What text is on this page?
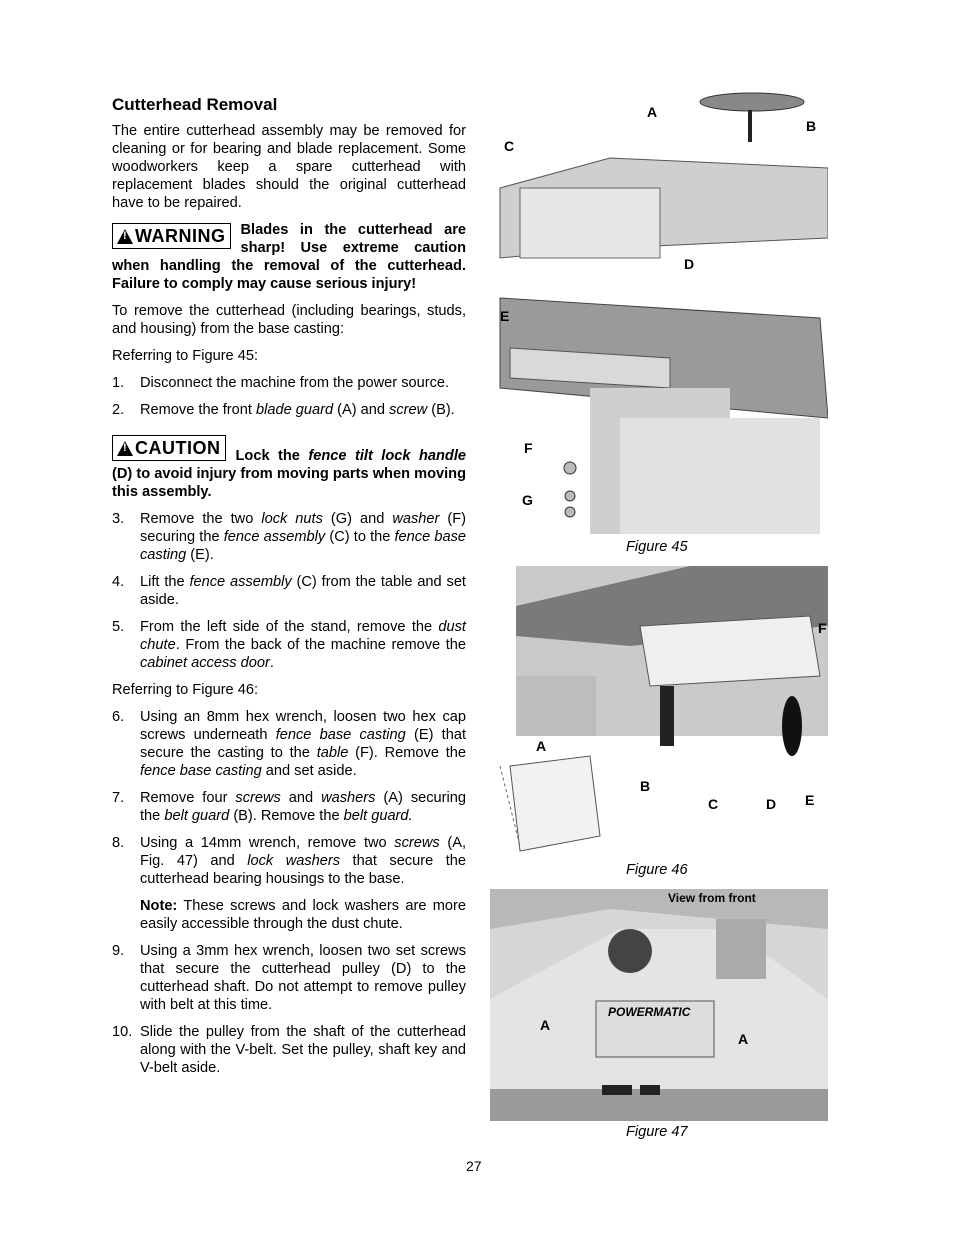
Cutterhead Removal

The entire cutterhead assembly may be removed for cleaning or for bearing and blade replacement. Some woodworkers keep a spare cutterhead with replacement blades should the original cutterhead have to be repaired.

!
WARNING Blades in the cutterhead are sharp! Use extreme caution when handling the removal of the cutterhead. Failure to comply may cause serious injury!

To remove the cutterhead (including bearings, studs, and housing) from the base casting:

Referring to Figure 45:

1. Disconnect the machine from the power source.
2. Remove the front blade guard (A) and screw (B).
!
CAUTION Lock the fence tilt lock handle (D) to avoid injury from moving parts when moving this assembly.
3. Remove the two lock nuts (G) and washer (F) securing the fence assembly (C) to the fence base casting (E).
4. Lift the fence assembly (C) from the table and set aside.
5. From the left side of the stand, remove the dust chute. From the back of the machine remove the cabinet access door.

Referring to Figure 46:

6. Using an 8mm hex wrench, loosen two hex cap screws underneath fence base casting (E) that secure the casting to the table (F). Remove the fence base casting and set aside.
7. Remove four screws and washers (A) securing the belt guard (B). Remove the belt guard.
8. Using a 14mm wrench, remove two screws (A, Fig. 47) and lock washers that secure the cutterhead bearing housings to the base.
Note: These screws and lock washers are more easily accessible through the dust chute.
9. Using a 3mm hex wrench, loosen two set screws that secure the cutterhead pulley (D) to the cutterhead shaft. Do not attempt to remove pulley with belt at this time.
10. Slide the pulley from the shaft of the cutterhead along with the V-belt. Set the pulley, shaft key and V-belt aside.
A
B
C
D
E
F
G
Figure 45
A
B
C	D E
F
Figure 46
View from front
POWERMATIC
A
A
Figure 47
27
